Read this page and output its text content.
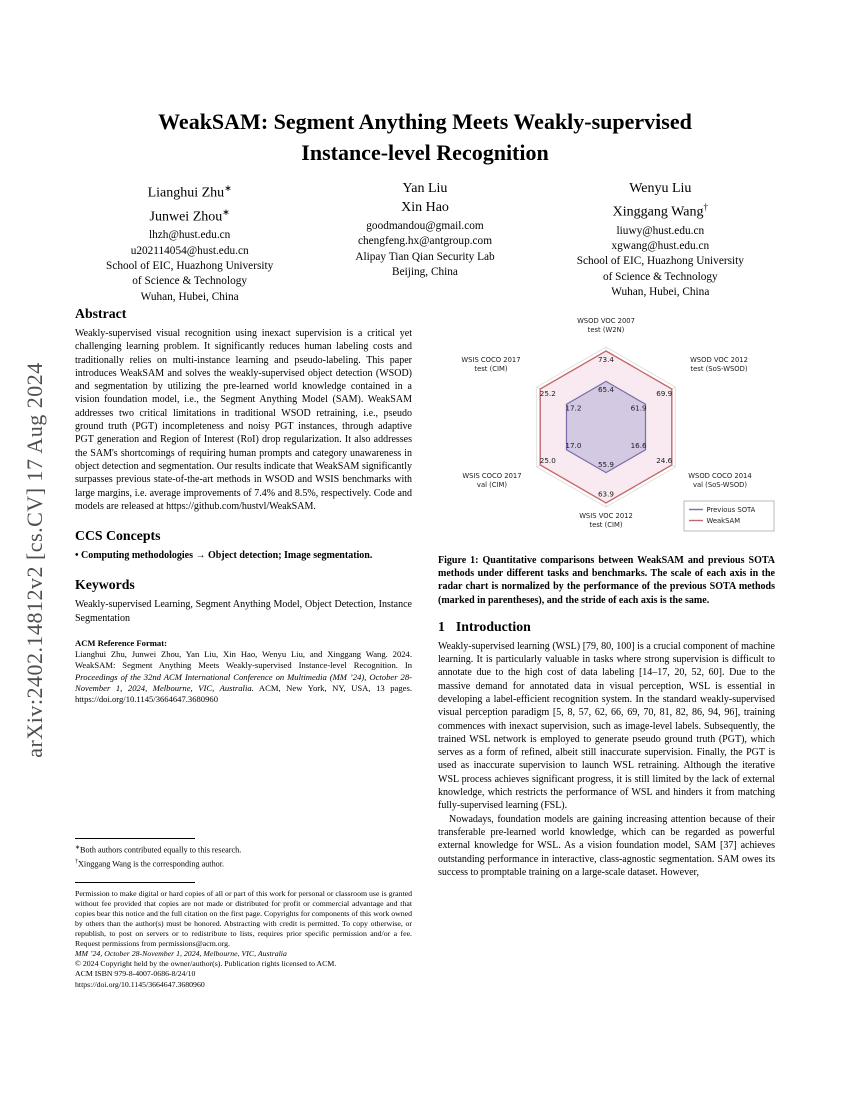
arXiv:2402.14812v2 [cs.CV] 17 Aug 2024
WeakSAM: Segment Anything Meets Weakly-supervised
Instance-level Recognition
Lianghui Zhu∗
Junwei Zhou∗
lhzh@hust.edu.cn
u202114054@hust.edu.cn
School of EIC, Huazhong University
of Science & Technology
Wuhan, Hubei, China
Yan Liu
Xin Hao
goodmandou@gmail.com
chengfeng.hx@antgroup.com
Alipay Tian Qian Security Lab
Beijing, China
Wenyu Liu
Xinggang Wang†
liuwy@hust.edu.cn
xgwang@hust.edu.cn
School of EIC, Huazhong University
of Science & Technology
Wuhan, Hubei, China
Abstract
Weakly-supervised visual recognition using inexact supervision is a critical yet challenging learning problem. It significantly reduces human labeling costs and traditionally relies on multi-instance learning and pseudo-labeling. This paper introduces WeakSAM and solves the weakly-supervised object detection (WSOD) and segmentation by utilizing the pre-learned world knowledge contained in a vision foundation model, i.e., the Segment Anything Model (SAM). WeakSAM addresses two critical limitations in traditional WSOD retraining, i.e., pseudo ground truth (PGT) incompleteness and noisy PGT instances, through adaptive PGT generation and Region of Interest (RoI) drop regularization. It also addresses the SAM's shortcomings of requiring human prompts and category unawareness in object detection and segmentation. Our results indicate that WeakSAM significantly surpasses previous state-of-the-art methods in WSOD and WSIS benchmarks with large margins, i.e. average improvements of 7.4% and 8.5%, respectively. Code and models are released at https://github.com/hustvl/WeakSAM.
CCS Concepts
• Computing methodologies → Object detection; Image segmentation.
Keywords
Weakly-supervised Learning, Segment Anything Model, Object Detection, Instance Segmentation
ACM Reference Format:
Lianghui Zhu, Junwei Zhou, Yan Liu, Xin Hao, Wenyu Liu, and Xinggang Wang. 2024. WeakSAM: Segment Anything Meets Weakly-supervised Instance-level Recognition. In Proceedings of the 32nd ACM International Conference on Multimedia (MM ’24), October 28-November 1, 2024, Melbourne, VIC, Australia. ACM, New York, NY, USA, 13 pages. https://doi.org/10.1145/3664647.3680960
∗Both authors contributed equally to this research.
†Xinggang Wang is the corresponding author.
Permission to make digital or hard copies of all or part of this work for personal or classroom use is granted without fee provided that copies are not made or distributed for profit or commercial advantage and that copies bear this notice and the full citation on the first page. Copyrights for components of this work owned by others than the author(s) must be honored. Abstracting with credit is permitted. To copy otherwise, or republish, to post on servers or to redistribute to lists, requires prior specific permission and/or a fee. Request permissions from permissions@acm.org.
MM ’24, October 28-November 1, 2024, Melbourne, VIC, Australia
© 2024 Copyright held by the owner/author(s). Publication rights licensed to ACM.
ACM ISBN 979-8-4007-0686-8/24/10
https://doi.org/10.1145/3664647.3680960
WSOD VOC 2007
test (W2N)
WSOD VOC 2012
test (SoS-WSOD)
WSOD COCO 2014
val (SoS-WSOD)
WSIS VOC 2012
test (CIM)
WSIS COCO 2017
val (CIM)
WSIS COCO 2017
test (CIM)
73.4
65.4	69.9
61.9
24.6
16.6
63.9
55.9
25.0
17.0
25.2
17.2
Previous SOTA
WeakSAM
Figure 1: Quantitative comparisons between WeakSAM and previous SOTA methods under different tasks and benchmarks. The scale of each axis in the radar chart is normalized by the performance of the previous SOTA methods (marked in parentheses), and the stride of each axis is the same.
1 Introduction
Weakly-supervised learning (WSL) [79, 80, 100] is a crucial component of machine learning. It is particularly valuable in tasks where strong supervision is difficult to annotate due to the high cost of data labeling [14–17, 20, 52, 60]. Due to the massive demand for annotated data in visual perception, WSL is essential in developing a label-efficient recognition system. In the standard weakly-supervised visual perception paradigm [5, 8, 57, 62, 66, 69, 70, 81, 82, 86, 94, 96], training commences with inexact supervision, such as image-level labels. Subsequently, the trained WSL network is employed to generate pseudo ground truth (PGT), which serves as a form of refined, albeit still inaccurate supervision. Finally, the PGT is used as inaccurate supervision to launch WSL retraining. Although the iterative WSL process achieves significant progress, it is still limited by the lack of external knowledge, which restricts the performance of WSL and hinders it from matching fully-supervised learning (FSL).
Nowadays, foundation models are gaining increasing attention because of their transferable pre-learned world knowledge, which can be regarded as powerful external knowledge for WSL. As a vision foundation model, SAM [37] achieves outstanding performance in interactive, class-agnostic segmentation. SAM owes its success to promptable training on a large-scale dataset. However,
